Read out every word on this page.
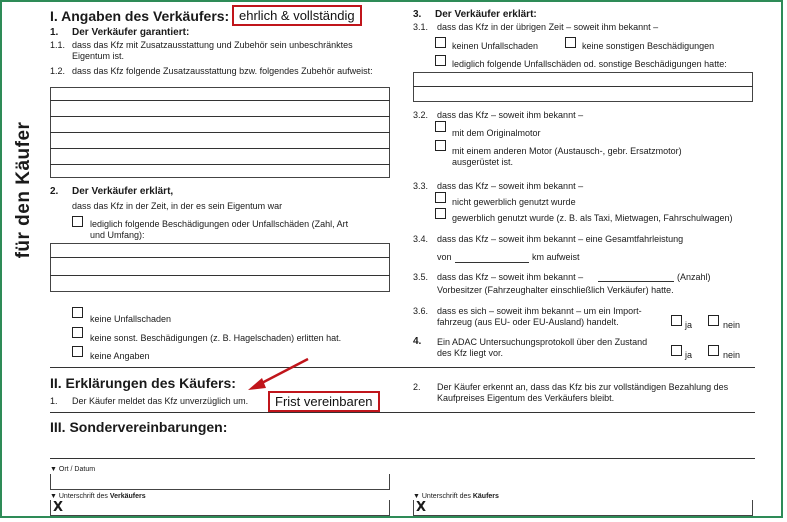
für den Käufer
I. Angaben des Verkäufers: ehrlich & vollständig
1. Der Verkäufer garantiert:
1.1. dass das Kfz mit Zusatzausstattung und Zubehör sein unbeschränktes Eigentum ist.
1.2. dass das Kfz folgende Zusatzausstattung bzw. folgendes Zubehör aufweist:
2. Der Verkäufer erklärt,
dass das Kfz in der Zeit, in der es sein Eigentum war
lediglich folgende Beschädigungen oder Unfallschäden (Zahl, Art und Umfang):
keine Unfallschaden
keine sonst. Beschädigungen (z. B. Hagelschaden) erlitten hat.
keine Angaben
3. Der Verkäufer erklärt:
3.1. dass das Kfz in der übrigen Zeit – soweit ihm bekannt –
keinen Unfallschaden	keine sonstigen Beschädigungen
lediglich folgende Unfallschäden od. sonstige Beschädigungen hatte:
3.2. dass das Kfz – soweit ihm bekannt –
mit dem Originalmotor
mit einem anderen Motor (Austausch-, gebr. Ersatzmotor) ausgerüstet ist.
3.3. dass das Kfz – soweit ihm bekannt –
nicht gewerblich genutzt wurde
gewerblich genutzt wurde (z. B. als Taxi, Mietwagen, Fahrschulwagen)
3.4. dass das Kfz – soweit ihm bekannt – eine Gesamtfahrleistung
von	km aufweist
3.5. dass das Kfz – soweit ihm bekannt –	(Anzahl)
Vorbesitzer (Fahrzeughalter einschließlich Verkäufer) hatte.
3.6. dass es sich – soweit ihm bekannt – um ein Import-fahrzeug (aus EU- oder EU-Ausland) handelt.	ja	nein
4. Ein ADAC Untersuchungsprotokoll über den Zustand des Kfz liegt vor.	ja	nein
II. Erklärungen des Käufers:
1. Der Käufer meldet das Kfz unverzüglich um.	Frist vereinbaren
2. Der Käufer erkennt an, dass das Kfz bis zur vollständigen Bezahlung des Kaufpreises Eigentum des Verkäufers bleibt.
III. Sondervereinbarungen:
▼ Ort / Datum
▼ Unterschrift des Verkäufers
X
▼ Unterschrift des Käufers
X
